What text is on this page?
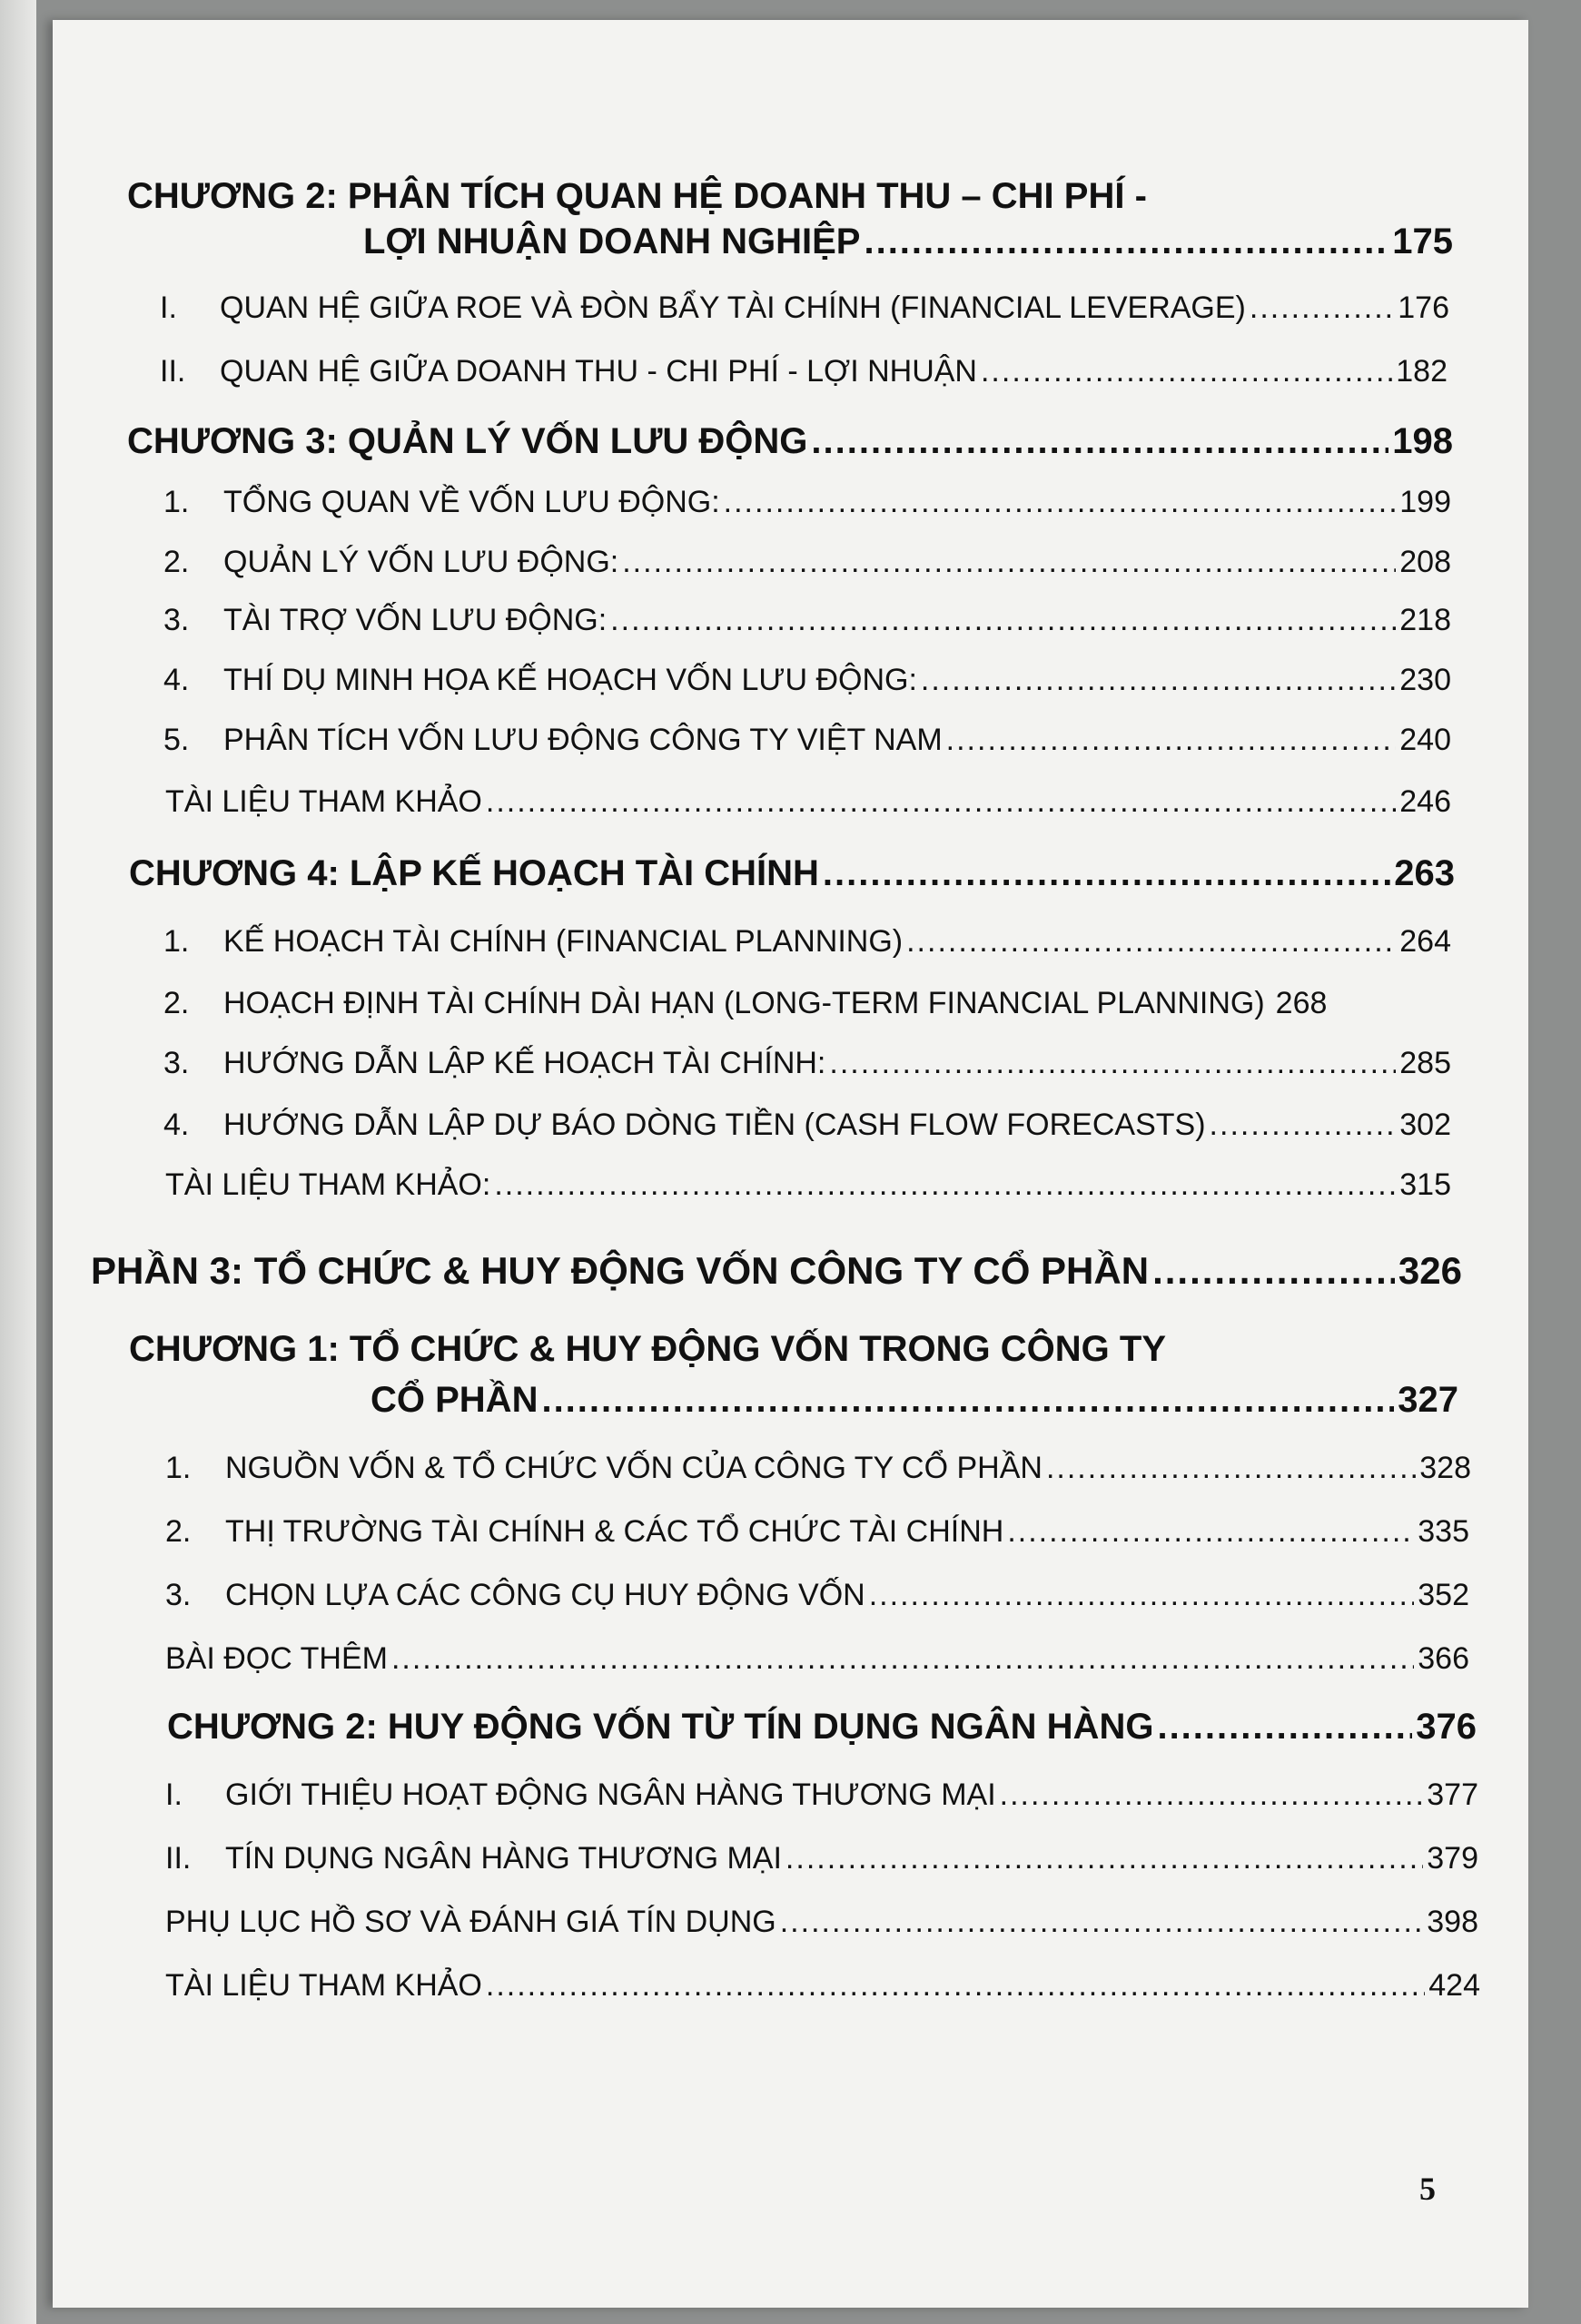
CHƯƠNG 2: PHÂN TÍCH QUAN HỆ DOANH THU – CHI PHÍ -
LỢI NHUẬN DOANH NGHIỆP .....	175
I.	QUAN HỆ GIỮA ROE VÀ ĐÒN BẨY TÀI CHÍNH (FINANCIAL LEVERAGE) .....	176
II.	QUAN HỆ GIỮA DOANH THU - CHI PHÍ - LỢI NHUẬN .....	182
CHƯƠNG 3: QUẢN LÝ VỐN LƯU ĐỘNG .....	198
1.	TỔNG QUAN VỀ VỐN LƯU ĐỘNG: .....	199
2.	QUẢN LÝ VỐN LƯU ĐỘNG: .....	208
3.	TÀI TRỢ VỐN LƯU ĐỘNG: .....	218
4.	THÍ DỤ MINH HỌA KẾ HOẠCH VỐN LƯU ĐỘNG: .....	230
5.	PHÂN TÍCH VỐN LƯU ĐỘNG CÔNG TY VIỆT NAM .....	240
TÀI LIỆU THAM KHẢO .....	246
CHƯƠNG 4: LẬP KẾ HOẠCH TÀI CHÍNH .....	263
1.	KẾ HOẠCH TÀI CHÍNH (FINANCIAL PLANNING) .....	264
2.	HOẠCH ĐỊNH TÀI CHÍNH DÀI HẠN (LONG-TERM FINANCIAL PLANNING) 268
3.	HƯỚNG DẪN LẬP KẾ HOẠCH TÀI CHÍNH: .....	285
4.	HƯỚNG DẪN LẬP DỰ BÁO DÒNG TIỀN (CASH FLOW FORECASTS) .....	302
TÀI LIỆU THAM KHẢO: .....	315
PHẦN 3: TỔ CHỨC & HUY ĐỘNG VỐN CÔNG TY CỔ PHẦN .....	326
CHƯƠNG 1: TỔ CHỨC & HUY ĐỘNG VỐN TRONG CÔNG TY
CỔ PHẦN .....	327
1.	NGUỒN VỐN & TỔ CHỨC VỐN CỦA CÔNG TY CỔ PHẦN .....	328
2.	THỊ TRƯỜNG TÀI CHÍNH & CÁC TỔ CHỨC TÀI CHÍNH .....	335
3.	CHỌN LỰA CÁC CÔNG CỤ HUY ĐỘNG VỐN .....	352
BÀI ĐỌC THÊM .....	366
CHƯƠNG 2: HUY ĐỘNG VỐN TỪ TÍN DỤNG NGÂN HÀNG .....	376
I.	GIỚI THIỆU HOẠT ĐỘNG NGÂN HÀNG THƯƠNG MẠI .....	377
II.	TÍN DỤNG NGÂN HÀNG THƯƠNG MẠI .....	379
PHỤ LỤC HỒ SƠ VÀ ĐÁNH GIÁ TÍN DỤNG .....	398
TÀI LIỆU THAM KHẢO .....	424
5
